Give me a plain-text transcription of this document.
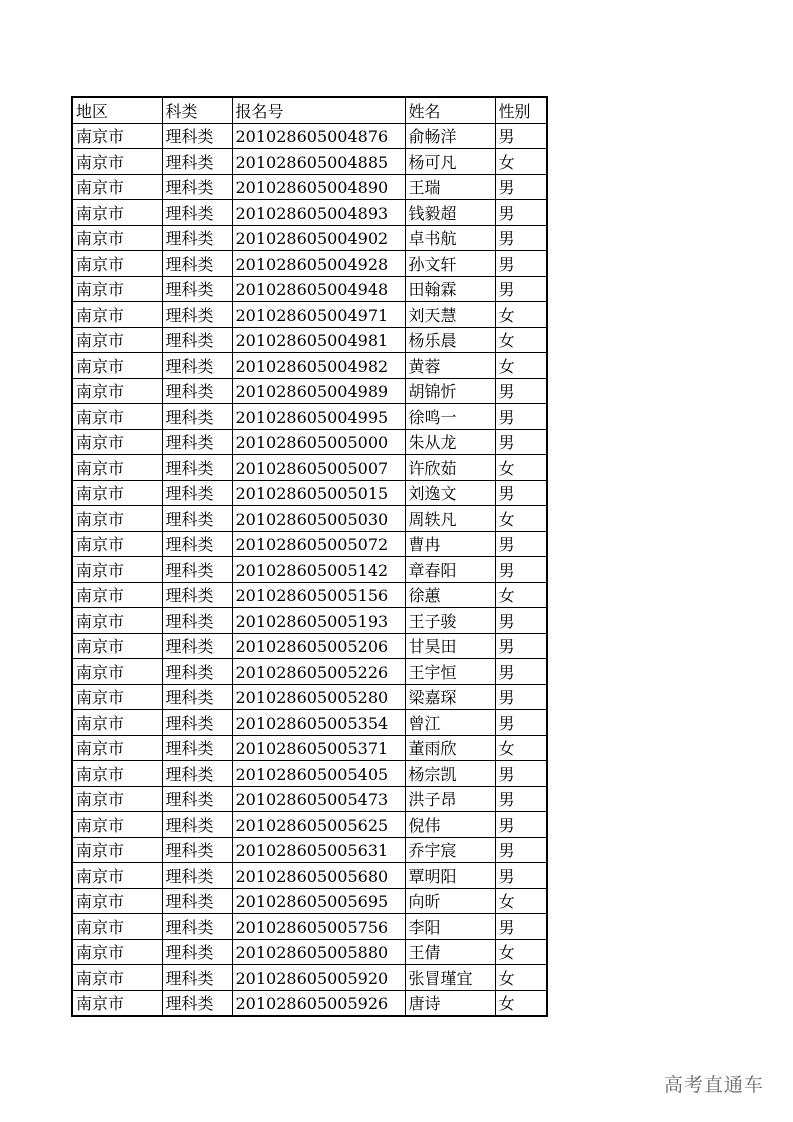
地区	科类	报名号	姓名	性别
南京市	理科类	201028605004876	俞畅洋	男
南京市	理科类	201028605004885	杨可凡	女
南京市	理科类	201028605004890	王瑞	男
南京市	理科类	201028605004893	钱毅超	男
南京市	理科类	201028605004902	卓书航	男
南京市	理科类	201028605004928	孙文轩	男
南京市	理科类	201028605004948	田翰霖	男
南京市	理科类	201028605004971	刘天慧	女
南京市	理科类	201028605004981	杨乐晨	女
南京市	理科类	201028605004982	黄蓉	女
南京市	理科类	201028605004989	胡锦忻	男
南京市	理科类	201028605004995	徐鸣一	男
南京市	理科类	201028605005000	朱从龙	男
南京市	理科类	201028605005007	许欣茹	女
南京市	理科类	201028605005015	刘逸文	男
南京市	理科类	201028605005030	周轶凡	女
南京市	理科类	201028605005072	曹冉	男
南京市	理科类	201028605005142	章春阳	男
南京市	理科类	201028605005156	徐蕙	女
南京市	理科类	201028605005193	王子骏	男
南京市	理科类	201028605005206	甘昊田	男
南京市	理科类	201028605005226	王宇恒	男
南京市	理科类	201028605005280	梁嘉琛	男
南京市	理科类	201028605005354	曾江	男
南京市	理科类	201028605005371	董雨欣	女
南京市	理科类	201028605005405	杨宗凯	男
南京市	理科类	201028605005473	洪子昂	男
南京市	理科类	201028605005625	倪伟	男
南京市	理科类	201028605005631	乔宇宸	男
南京市	理科类	201028605005680	覃明阳	男
南京市	理科类	201028605005695	向昕	女
南京市	理科类	201028605005756	李阳	男
南京市	理科类	201028605005880	王倩	女
南京市	理科类	201028605005920	张冒瑾宜	女
南京市	理科类	201028605005926	唐诗	女
高考直通车
